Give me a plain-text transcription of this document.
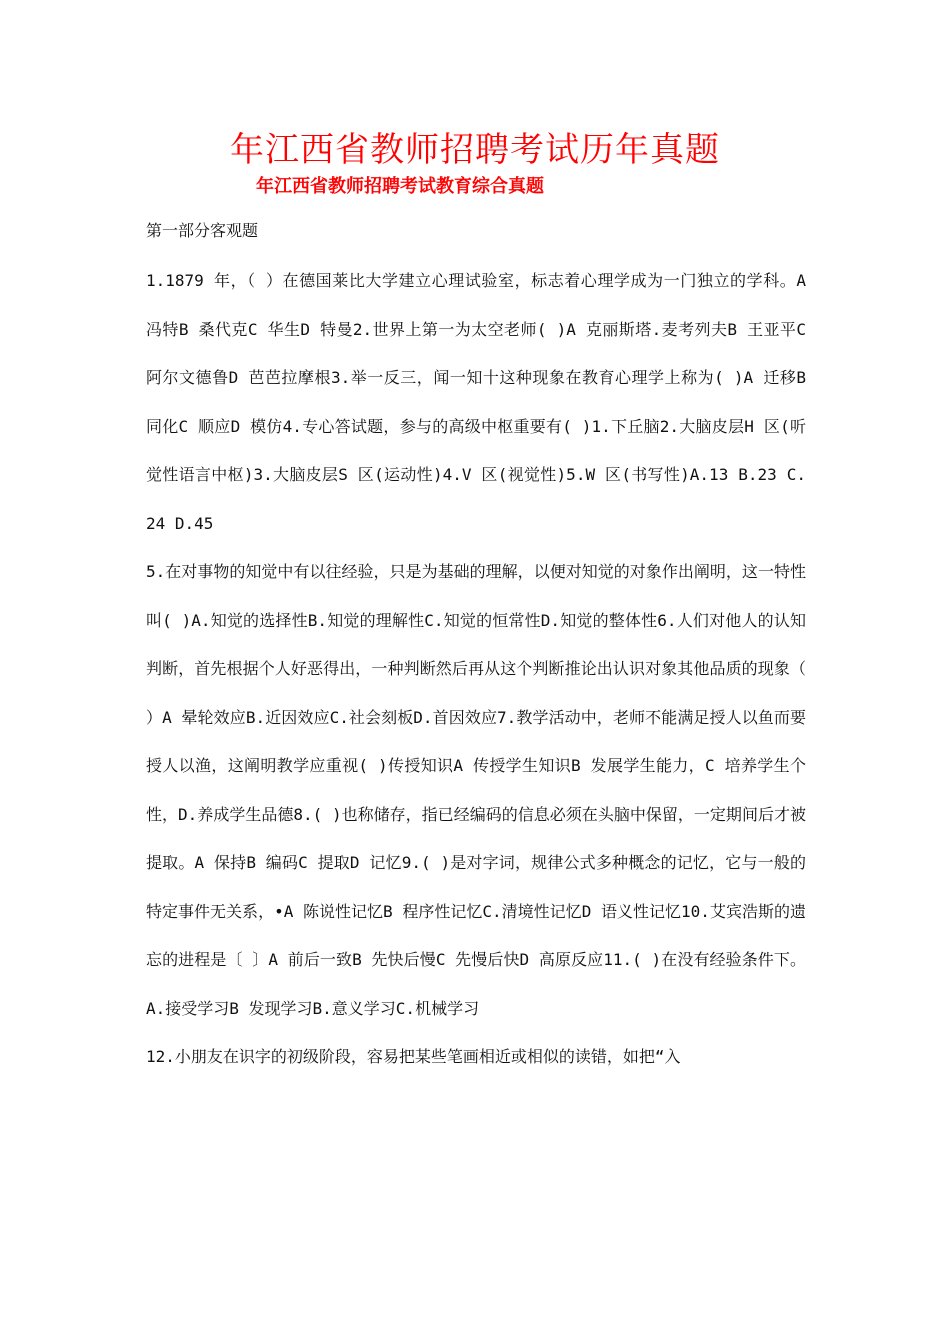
年江西省教师招聘考试历年真题
年江西省教师招聘考试教育综合真题
第一部分客观题

1.1879 年，（ ）在德国莱比大学建立心理试验室，标志着心理学成为一门独立的学科。A 冯特B 桑代克C 华生D 特曼2.世界上第一为太空老师( )A 克丽斯塔.麦考列夫B 王亚平C 阿尔文德鲁D 芭芭拉摩根3.举一反三，闻一知十这种现象在教育心理学上称为( )A 迁移B 同化C 顺应D 模仿4.专心答试题，参与的高级中枢重要有( )1.下丘脑2.大脑皮层H 区(听觉性语言中枢)3.大脑皮层S 区(运动性)4.V 区(视觉性)5.W 区(书写性)A.13 B.23 C.24 D.45

5.在对事物的知觉中有以往经验，只是为基础的理解，以便对知觉的对象作出阐明，这一特性叫( )A.知觉的选择性B.知觉的理解性C.知觉的恒常性D.知觉的整体性6.人们对他人的认知判断，首先根据个人好恶得出，一种判断然后再从这个判断推论出认识对象其他品质的现象（ ）A 晕轮效应B.近因效应C.社会刻板D.首因效应7.教学活动中，老师不能满足授人以鱼而要授人以渔，这阐明教学应重视( )传授知识A 传授学生知识B 发展学生能力，C 培养学生个性，D.养成学生品德8.( )也称储存，指已经编码的信息必须在头脑中保留，一定期间后才被提取。A 保持B 编码C 提取D 记忆9.( )是对字词，规律公式多种概念的记忆，它与一般的特定事件无关系，•A 陈说性记忆B 程序性记忆C.清境性记忆D 语义性记忆10.艾宾浩斯的遗忘的进程是〔 〕A 前后一致B 先快后慢C 先慢后快D 高原反应11.( )在没有经验条件下。A.接受学习B 发现学习B.意义学习C.机械学习

12.小朋友在识字的初级阶段，容易把某些笔画相近或相似的读错，如把“入
